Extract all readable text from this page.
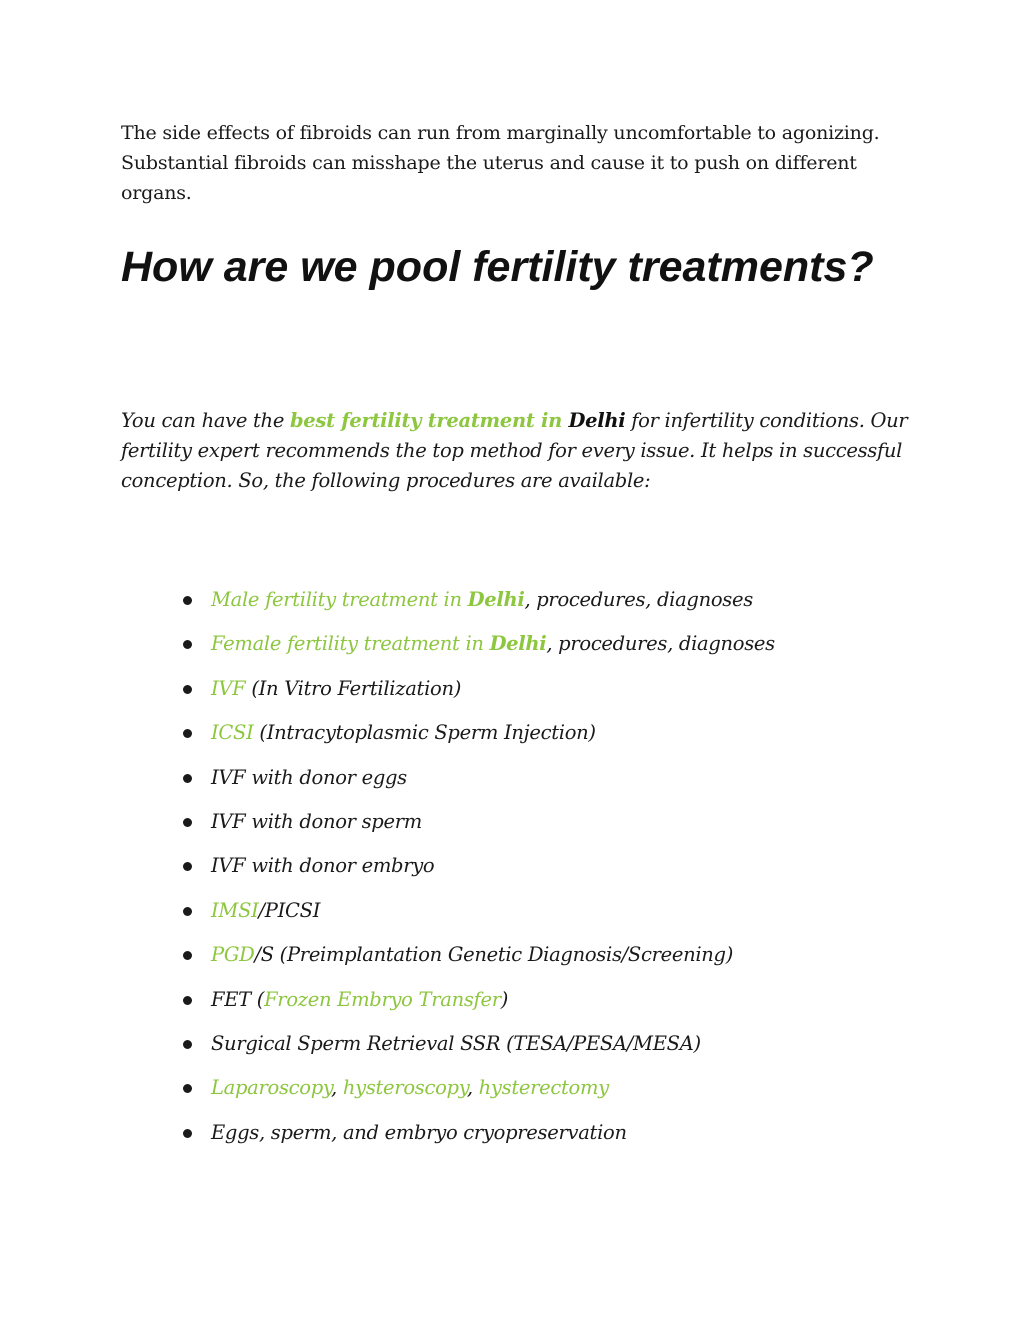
The side effects of fibroids can run from marginally uncomfortable to agonizing. Substantial fibroids can misshape the uterus and cause it to push on different organs.

How are we pool fertility treatments?

You can have the best fertility treatment in Delhi for infertility conditions. Our fertility expert recommends the top method for every issue. It helps in successful conception. So, the following procedures are available:

Male fertility treatment in Delhi, procedures, diagnoses
Female fertility treatment in Delhi, procedures, diagnoses
IVF (In Vitro Fertilization)
ICSI (Intracytoplasmic Sperm Injection)
IVF with donor eggs
IVF with donor sperm
IVF with donor embryo
IMSI/PICSI
PGD/S (Preimplantation Genetic Diagnosis/Screening)
FET (Frozen Embryo Transfer)
Surgical Sperm Retrieval SSR (TESA/PESA/MESA)
Laparoscopy, hysteroscopy, hysterectomy
Eggs, sperm, and embryo cryopreservation
